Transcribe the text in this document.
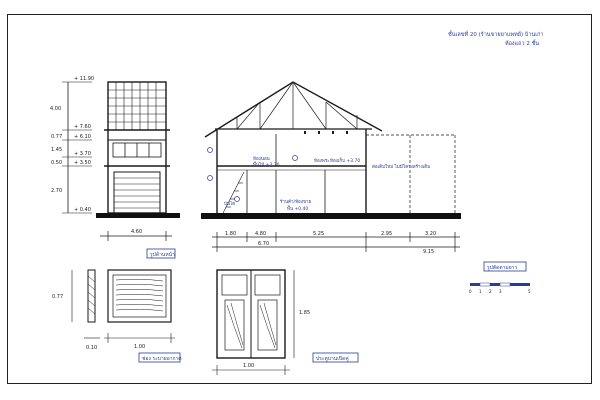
ชั้นเลขที่ 20 (ร้านขายยาแพทย์) บ้านเก่า
ห้องแถว 2 ชั้น
+ 11.90
+ 7.60
+ 6.10
+ 3.70
+ 3.50
+ 0.40
4.00
0.77
1.45
0.50
2.70
4.60
รูปด้านหน้า
ห้องนอน
พื้นไม้ +3.70
ห้องพระ ห้องเก็บ +3.70
ร้านค้า/ห้องขาย
พื้น +0.40
บันได
ต่อเติมใหม่ ไม่มีโครงสร้างเดิม
1.80	4.80	5.25	2.95	3.20
6.70
9.15
0.77
1.00
0.10
ช่อง ระบายอากาศ
1.85
1.00
ประตูบานเปิดคู่
รูปตัดตามยาว
0 1 2 3	5
